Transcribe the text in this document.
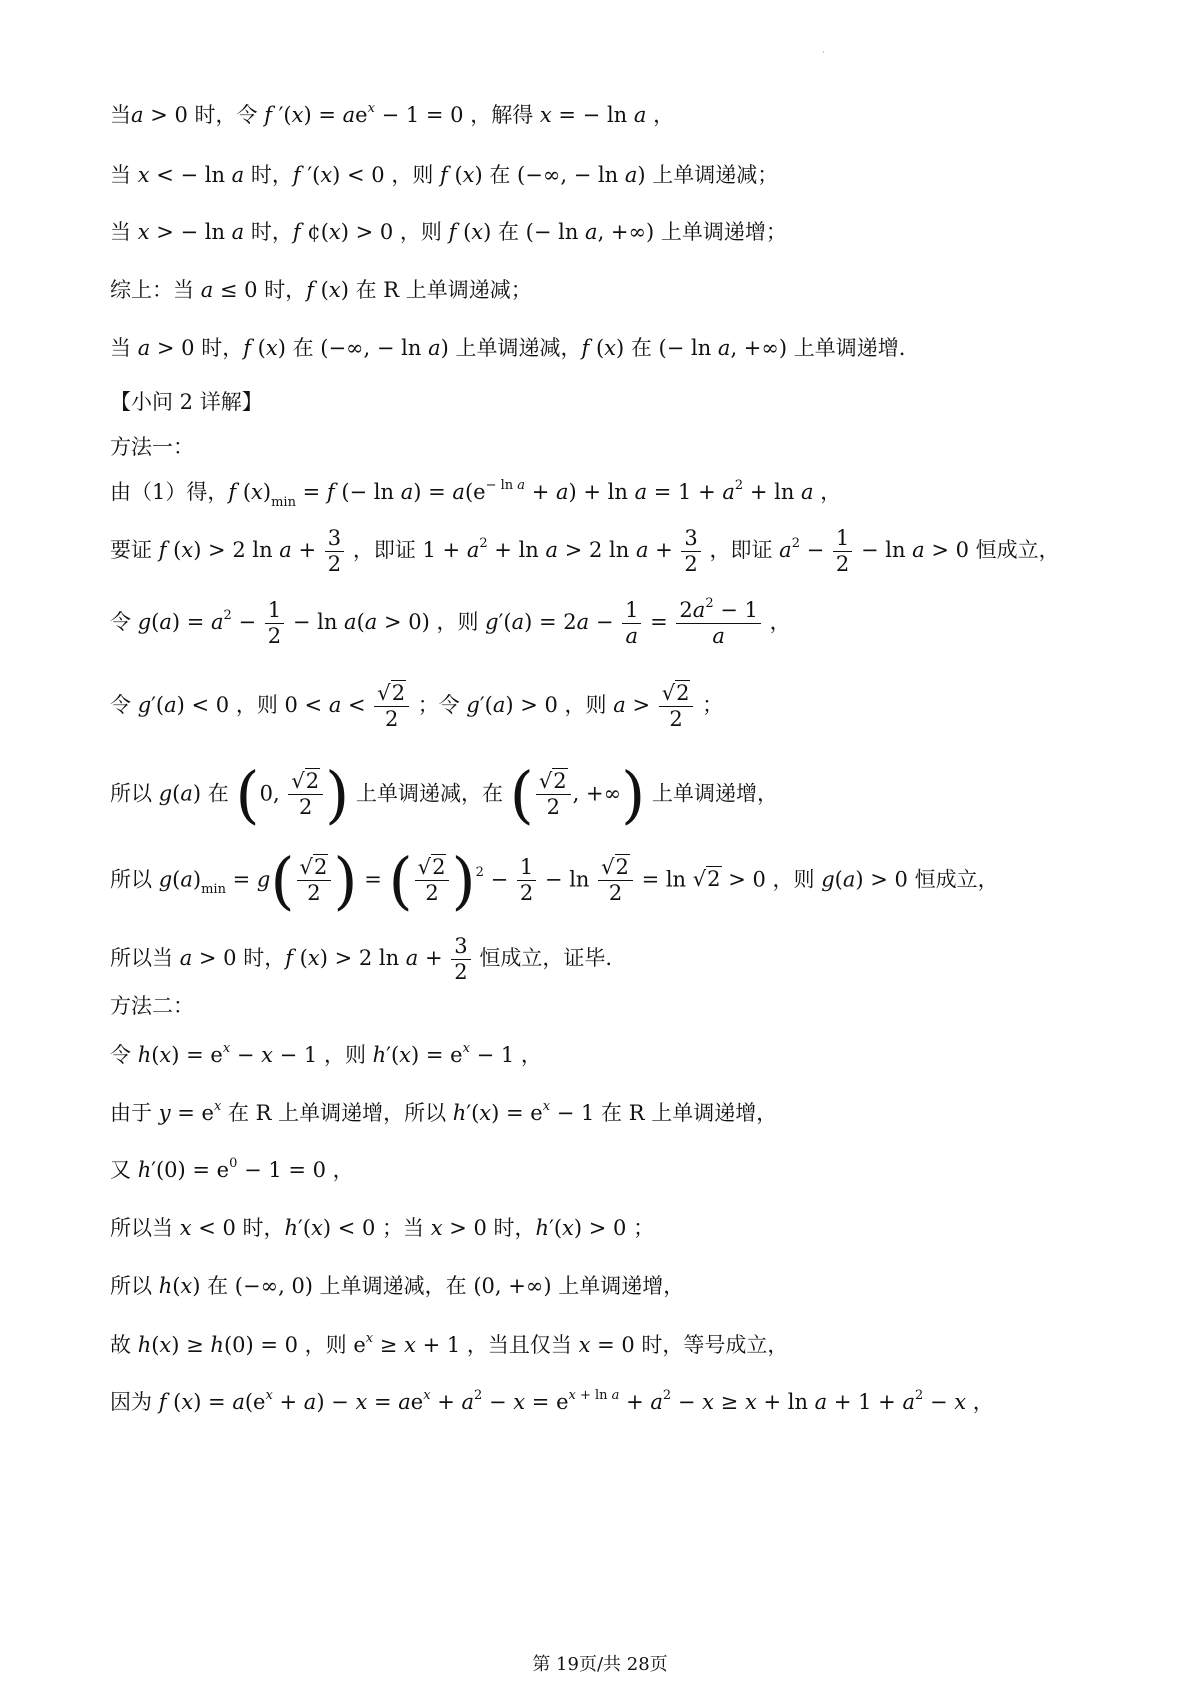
·
当a > 0 时，令 f $'(x) = ae^x - 1 = 0$ ，解得 x = − ln a ，
当 x < − ln a 时，f ′(x) < 0 ，则 f (x) 在 (−∞, − ln a) 上单调递减；
当 x > − ln a 时，f ¢(x) > 0 ，则 f (x) 在 (− ln a, +∞) 上单调递增；
综上：当 a ≤ 0 时，f (x) 在 R 上单调递减；
当 a > 0 时，f (x) 在 (−∞, − ln a) 上单调递减，f (x) 在 (− ln a, +∞) 上单调递增.
【小问 2 详解】
方法一：
由（1）得，f $(x)_{min} = f$ (− $\ln a) = a(e^{- ln a} + a) + \ln a = 1 + a^2 + \ln a$ ，
要证 f (x) > 2 $\ln a + \frac{3}{2}$ ，即证 $1 + a^2 + \ln a > 2$ $\ln a + \frac{3}{2}$ ，即证 $a^2 - \frac{1}{2} - \ln a > 0$ 恒成立，
令 $g(a) = a^2 - \frac{1}{2} - \ln a(a > 0)$ ，则 $g'(a) = 2a - \frac{1}{a} = \frac{2a^2 - 1}{a}$ ，
令 g′(a) < 0 ，则 $0 < a < \frac{√2}{2}$ ；令 g′(a) > 0 ，则 $a > \frac{√2}{2}$ ；
所以 g(a) 在 (0, $\frac{√2}{2}$ ) 上单调递减，在 ( $\frac{√2}{2}$ , +∞) 上单调递增，
所以 $g(a)_{min} = g( \frac{√2}{2}$ ) = ( $\frac{√2}{2} )^2 - \frac{1}{2} - \ln \frac{√2}{2} = \ln √2 > 0$ ，则 g(a) > 0 恒成立，
所以当 a > 0 时，f (x) > 2 $\ln a + \frac{3}{2}$ 恒成立，证毕.
方法二：
令 $h(x) = e^x - x - 1$ ，则 $h'(x) = e^x - 1$ ，
由于 $y = e^x$ 在 R 上单调递增，所以 $h'(x) = e^x - 1$ 在 R 上单调递增，
又 $h'(0) = e^0 - 1 = 0$ ，
所以当 x < 0 时，h′(x) < 0 ；当 x > 0 时，h′(x) > 0 ；
所以 h(x) 在 (−∞, 0) 上单调递减，在 (0, +∞) 上单调递增，
故 h(x) ≥ h(0) = 0 ，则 $e^x \ge x + 1$ ，当且仅当 x = 0 时，等号成立，
因为 f $(x) = a(e^x + a) - x = ae^x + a^2 - x = e^{x + ln a} + a^2 - x \ge x + \ln a + 1 + a^2 - x$ ，
第 19页/共 28页
